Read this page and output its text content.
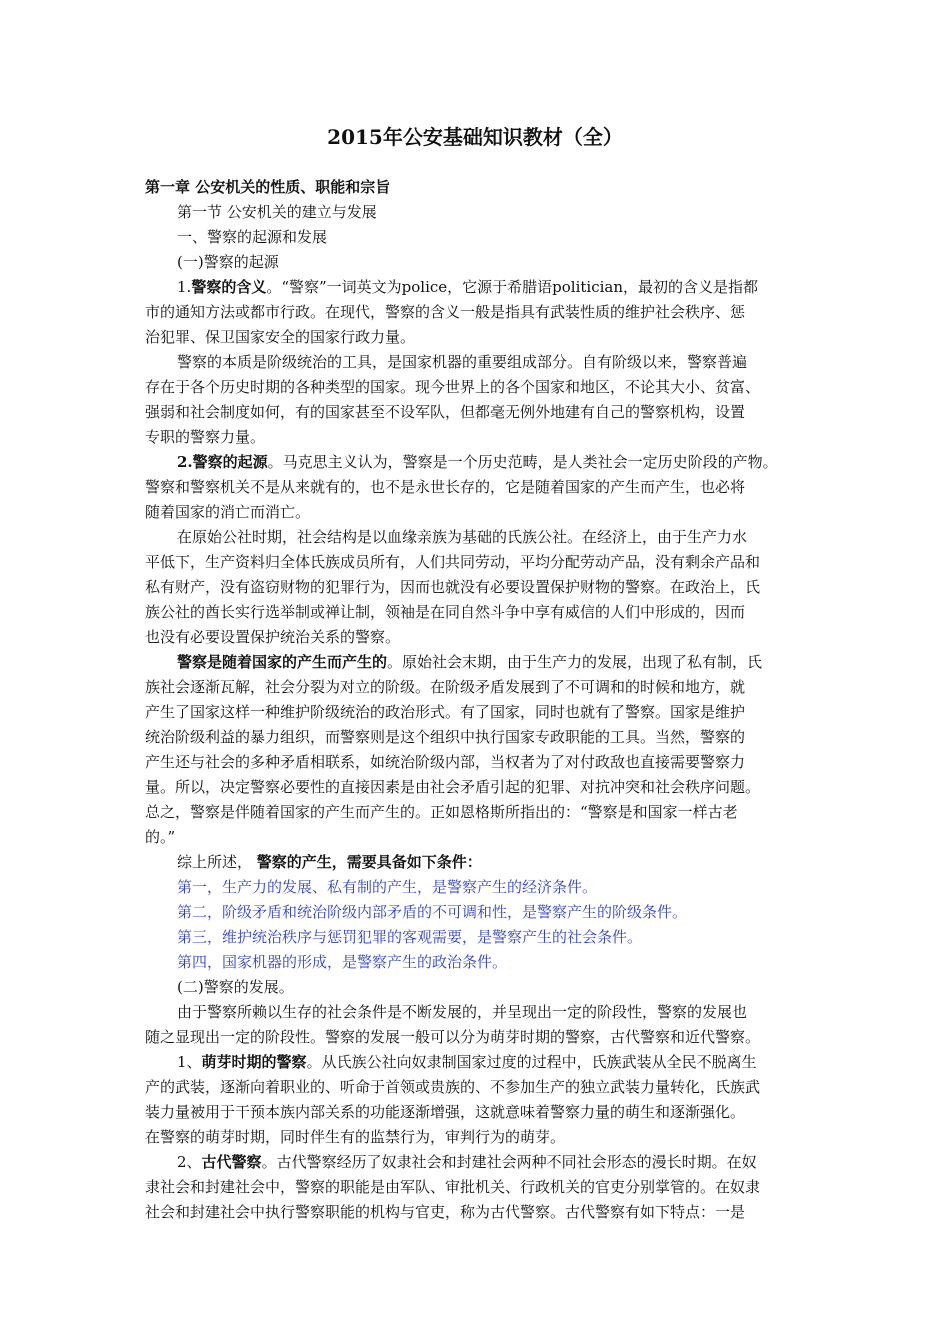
2015年公安基础知识教材（全）
第一章 公安机关的性质、职能和宗旨
第一节 公安机关的建立与发展
一、警察的起源和发展
(一)警察的起源
1.警察的含义。“警察”一词英文为police，它源于希腊语politician，最初的含义是指都
市的通知方法或都市行政。在现代，警察的含义一般是指具有武装性质的维护社会秩序、惩
治犯罪、保卫国家安全的国家行政力量。
警察的本质是阶级统治的工具，是国家机器的重要组成部分。自有阶级以来，警察普遍
存在于各个历史时期的各种类型的国家。现今世界上的各个国家和地区，不论其大小、贫富、
强弱和社会制度如何，有的国家甚至不设军队，但都毫无例外地建有自己的警察机构，设置
专职的警察力量。
2.警察的起源。马克思主义认为，警察是一个历史范畴，是人类社会一定历史阶段的产物。
警察和警察机关不是从来就有的，也不是永世长存的，它是随着国家的产生而产生，也必将
随着国家的消亡而消亡。
在原始公社时期，社会结构是以血缘亲族为基础的氏族公社。在经济上，由于生产力水
平低下，生产资料归全体氏族成员所有，人们共同劳动，平均分配劳动产品，没有剩余产品和
私有财产，没有盗窃财物的犯罪行为，因而也就没有必要设置保护财物的警察。在政治上，氏
族公社的酋长实行选举制或禅让制，领袖是在同自然斗争中享有威信的人们中形成的，因而
也没有必要设置保护统治关系的警察。
警察是随着国家的产生而产生的。原始社会末期，由于生产力的发展，出现了私有制，氏
族社会逐渐瓦解，社会分裂为对立的阶级。在阶级矛盾发展到了不可调和的时候和地方，就
产生了国家这样一种维护阶级统治的政治形式。有了国家，同时也就有了警察。国家是维护
统治阶级利益的暴力组织，而警察则是这个组织中执行国家专政职能的工具。当然，警察的
产生还与社会的多种矛盾相联系，如统治阶级内部，当权者为了对付政敌也直接需要警察力
量。所以，决定警察必要性的直接因素是由社会矛盾引起的犯罪、对抗冲突和社会秩序问题。
总之，警察是伴随着国家的产生而产生的。正如恩格斯所指出的：“警察是和国家一样古老
的。”
综上所述， 警察的产生，需要具备如下条件：
第一，生产力的发展、私有制的产生，是警察产生的经济条件。
第二，阶级矛盾和统治阶级内部矛盾的不可调和性，是警察产生的阶级条件。
第三，维护统治秩序与惩罚犯罪的客观需要，是警察产生的社会条件。
第四，国家机器的形成，是警察产生的政治条件。
(二)警察的发展。
由于警察所赖以生存的社会条件是不断发展的，并呈现出一定的阶段性，警察的发展也
随之显现出一定的阶段性。警察的发展一般可以分为萌芽时期的警察，古代警察和近代警察。
1、萌芽时期的警察。从氏族公社向奴隶制国家过度的过程中，氏族武装从全民不脱离生
产的武装，逐渐向着职业的、听命于首领或贵族的、不参加生产的独立武装力量转化，氏族武
装力量被用于干预本族内部关系的功能逐渐增强，这就意味着警察力量的萌生和逐渐强化。
在警察的萌芽时期，同时伴生有的监禁行为，审判行为的萌芽。
2、古代警察。古代警察经历了奴隶社会和封建社会两种不同社会形态的漫长时期。在奴
隶社会和封建社会中，警察的职能是由军队、审批机关、行政机关的官吏分别掌管的。在奴隶
社会和封建社会中执行警察职能的机构与官吏，称为古代警察。古代警察有如下特点：一是
